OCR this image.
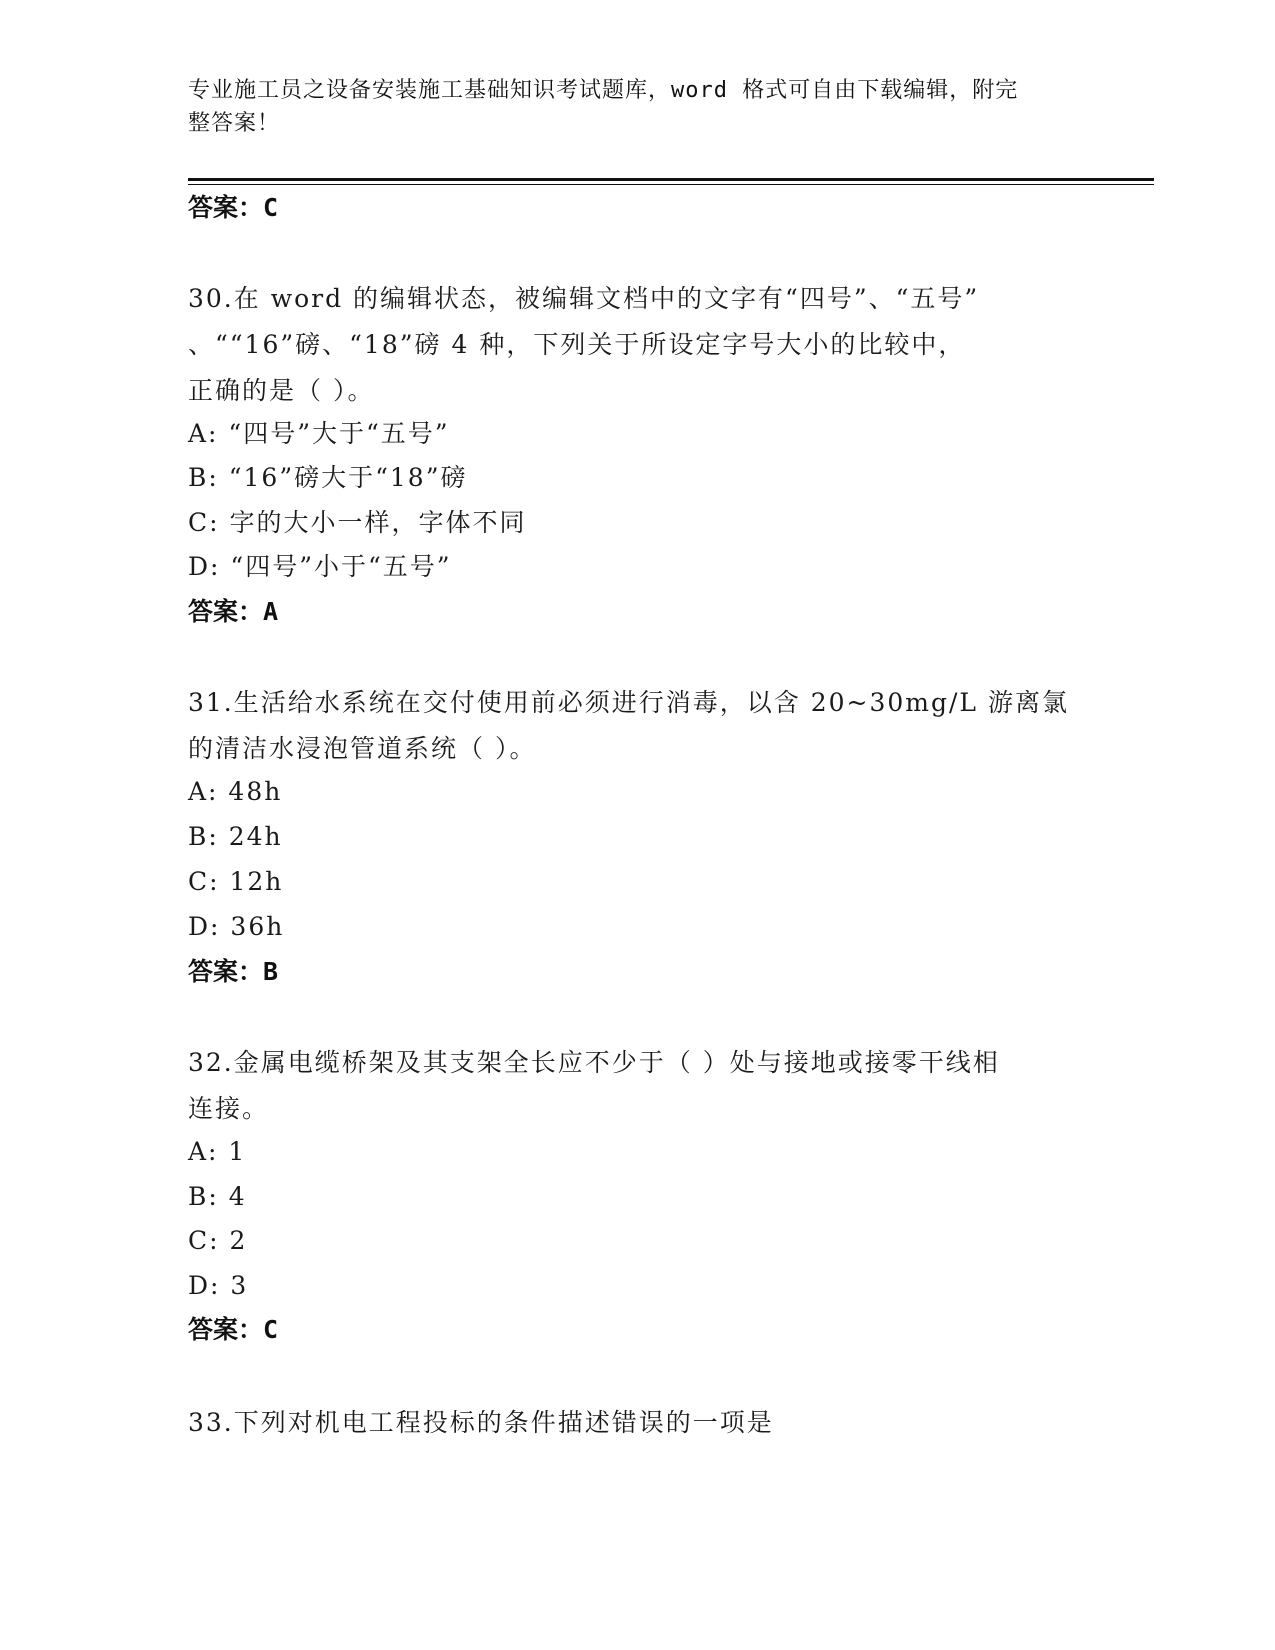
专业施工员之设备安装施工基础知识考试题库，word 格式可自由下载编辑，附完
整答案！
答案：C
30.在 word 的编辑状态，被编辑文档中的文字有“四号”、“五号”
、““16”磅、“18”磅 4 种，下列关于所设定字号大小的比较中，
正确的是（ ）。
A: “四号”大于“五号”
B: “16”磅大于“18”磅
C: 字的大小一样，字体不同
D: “四号”小于“五号”
答案：A
31.生活给水系统在交付使用前必须进行消毒，以含 20~30mg/L 游离氯
的清洁水浸泡管道系统（ ）。
A: 48h
B: 24h
C: 12h
D: 36h
答案：B
32.金属电缆桥架及其支架全长应不少于（ ）处与接地或接零干线相
连接。
A: 1
B: 4
C: 2
D: 3
答案：C
33.下列对机电工程投标的条件描述错误的一项是
